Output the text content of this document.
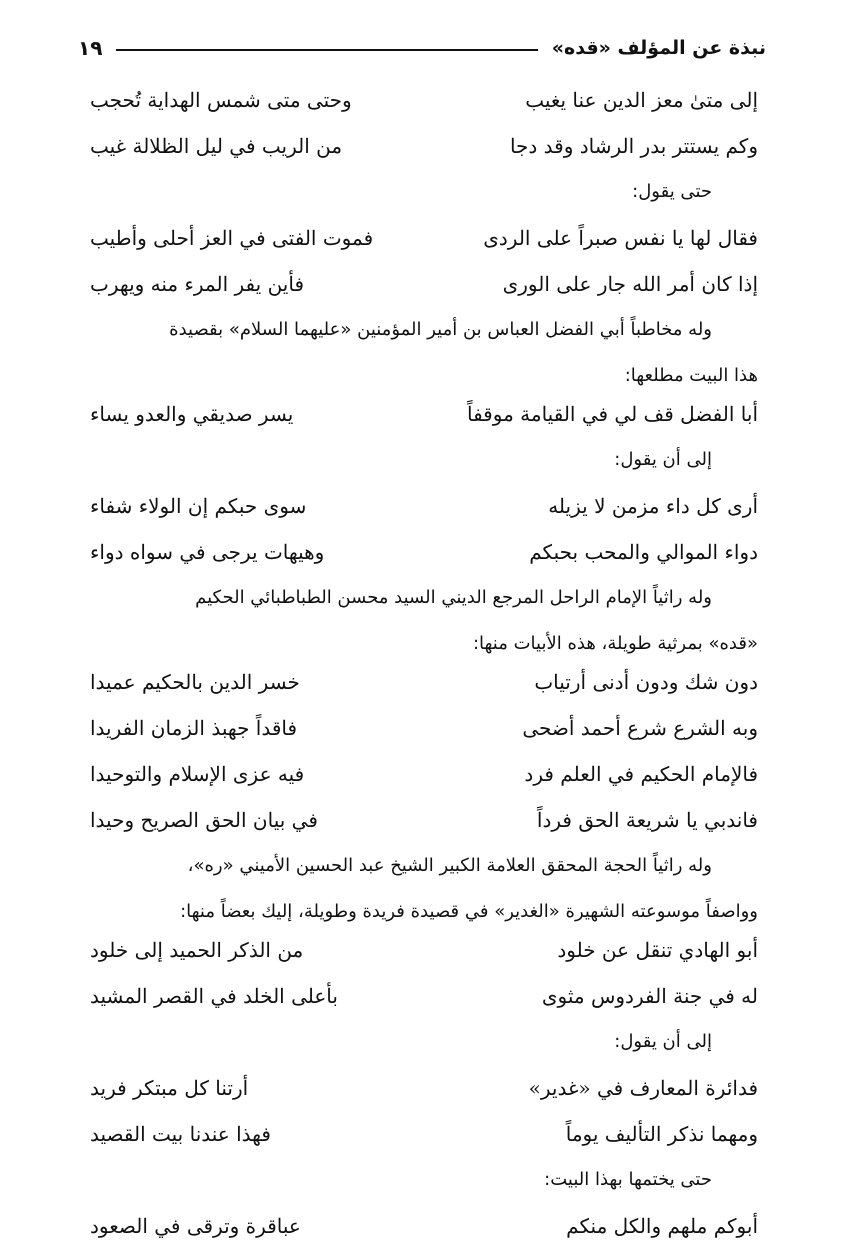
نبذة عن المؤلف «قده»
١٩
إلى متىٰ معز الدين عنا يغيب
وحتى متى شمس الهداية تُحجب
وكم يستتر بدر الرشاد وقد دجا
من الريب في ليل الظلالة غيب
حتى يقول:
فقال لها يا نفس صبراً على الردى
فموت الفتى في العز أحلى وأطيب
إذا كان أمر الله جار على الورى
فأين يفر المرء منه ويهرب
وله مخاطباً أبي الفضل العباس بن أمير المؤمنين «عليهما السلام» بقصيدة
هذا البيت مطلعها:
أبا الفضل قف لي في القيامة موقفاً
يسر صديقي والعدو يساء
إلى أن يقول:
أرى كل داء مزمن لا يزيله
سوى حبكم إن الولاء شفاء
دواء الموالي والمحب بحبكم
وهيهات يرجى في سواه دواء
وله راثياً الإمام الراحل المرجع الديني السيد محسن الطباطبائي الحكيم
«قده» بمرثية طويلة، هذه الأبيات منها:
دون شك ودون أدنى أرتياب
خسر الدين بالحكيم عميدا
وبه الشرع شرع أحمد أضحى
فاقداً جهبذ الزمان الفريدا
فالإمام الحكيم في العلم فرد
فيه عزى الإسلام والتوحيدا
فاندبي يا شريعة الحق فرداً
في بيان الحق الصريح وحيدا
وله راثياً الحجة المحقق العلامة الكبير الشيخ عبد الحسين الأميني «ره»،
وواصفاً موسوعته الشهيرة «الغدير» في قصيدة فريدة وطويلة، إليك بعضاً منها:
أبو الهادي تنقل عن خلود
من الذكر الحميد إلى خلود
له في جنة الفردوس مثوى
بأعلى الخلد في القصر المشيد
إلى أن يقول:
فدائرة المعارف في «غدير»
أرتنا كل مبتكر فريد
ومهما نذكر التأليف يوماً
فهذا عندنا بيت القصيد
حتى يختمها بهذا البيت:
أبوكم ملهم والكل منكم
عباقرة وترقى في الصعود
